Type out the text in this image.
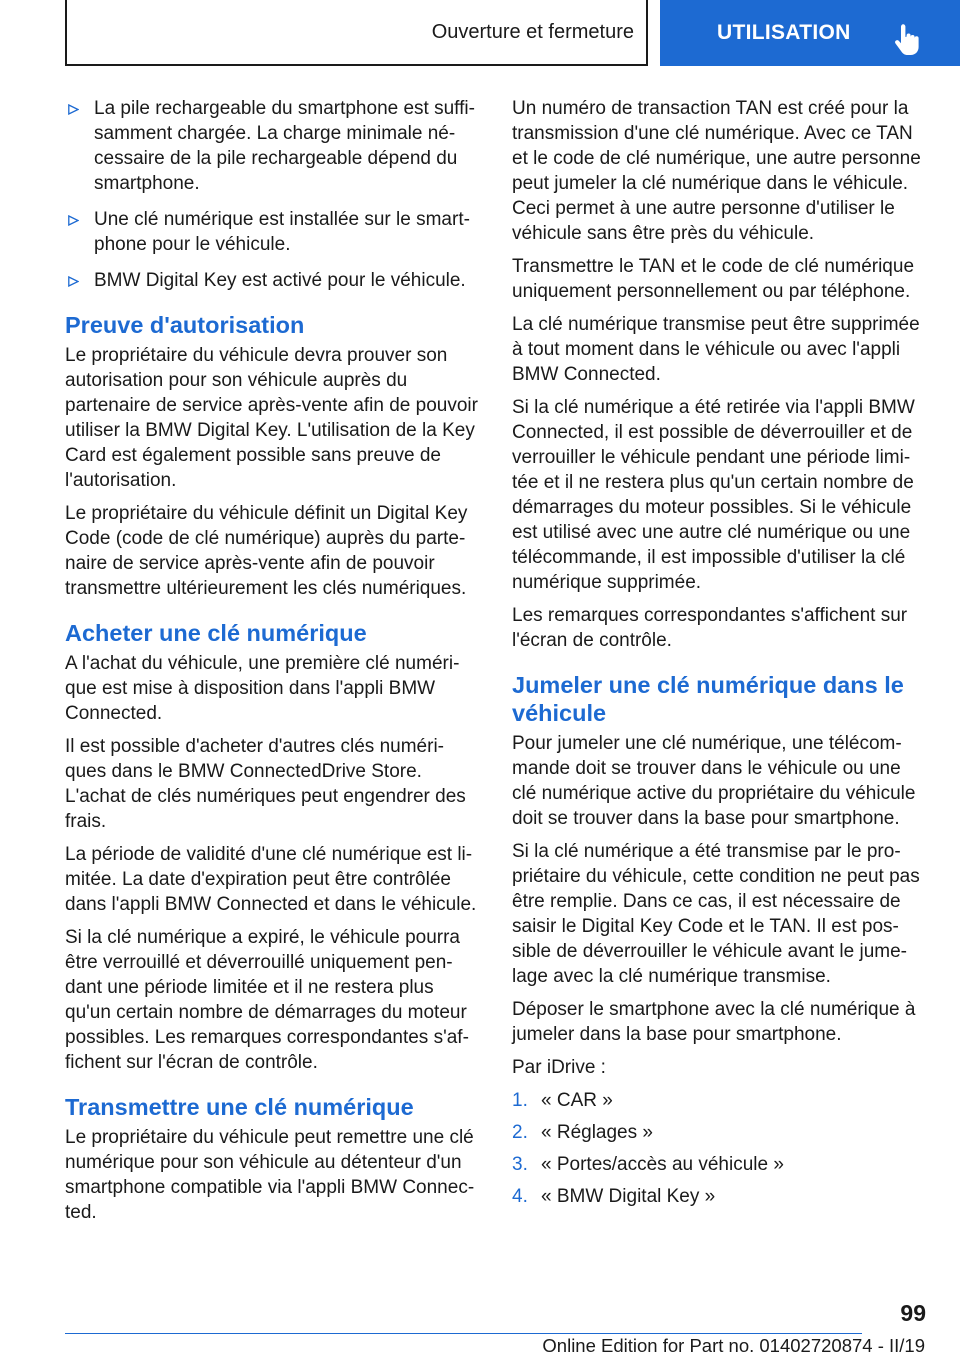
Ouverture et fermeture	UTILISATION
La pile rechargeable du smartphone est suffisamment chargée. La charge minimale nécessaire de la pile rechargeable dépend du smartphone.
Une clé numérique est installée sur le smartphone pour le véhicule.
BMW Digital Key est activé pour le véhicule.
Preuve d'autorisation

Le propriétaire du véhicule devra prouver son autorisation pour son véhicule auprès du partenaire de service après-vente afin de pouvoir utiliser la BMW Digital Key. L'utilisation de la Key Card est également possible sans preuve de l'autorisation.

Le propriétaire du véhicule définit un Digital Key Code (code de clé numérique) auprès du partenaire de service après-vente afin de pouvoir transmettre ultérieurement les clés numériques.

Acheter une clé numérique

A l'achat du véhicule, une première clé numérique est mise à disposition dans l'appli BMW Connected.

Il est possible d'acheter d'autres clés numériques dans le BMW ConnectedDrive Store. L'achat de clés numériques peut engendrer des frais.

La période de validité d'une clé numérique est limitée. La date d'expiration peut être contrôlée dans l'appli BMW Connected et dans le véhicule.

Si la clé numérique a expiré, le véhicule pourra être verrouillé et déverrouillé uniquement pendant une période limitée et il ne restera plus qu'un certain nombre de démarrages du moteur possibles. Les remarques correspondantes s'affichent sur l'écran de contrôle.

Transmettre une clé numérique

Le propriétaire du véhicule peut remettre une clé numérique pour son véhicule au détenteur d'un smartphone compatible via l'appli BMW Connected.

Un numéro de transaction TAN est créé pour la transmission d'une clé numérique. Avec ce TAN et le code de clé numérique, une autre personne peut jumeler la clé numérique dans le véhicule. Ceci permet à une autre personne d'utiliser le véhicule sans être près du véhicule.

Transmettre le TAN et le code de clé numérique uniquement personnellement ou par téléphone.

La clé numérique transmise peut être supprimée à tout moment dans le véhicule ou avec l'appli BMW Connected.

Si la clé numérique a été retirée via l'appli BMW Connected, il est possible de déverrouiller et de verrouiller le véhicule pendant une période limitée et il ne restera plus qu'un certain nombre de démarrages du moteur possibles. Si le véhicule est utilisé avec une autre clé numérique ou une télécommande, il est impossible d'utiliser la clé numérique supprimée.

Les remarques correspondantes s'affichent sur l'écran de contrôle.

Jumeler une clé numérique dans le véhicule

Pour jumeler une clé numérique, une télécommande doit se trouver dans le véhicule ou une clé numérique active du propriétaire du véhicule doit se trouver dans la base pour smartphone.

Si la clé numérique a été transmise par le propriétaire du véhicule, cette condition ne peut pas être remplie. Dans ce cas, il est nécessaire de saisir le Digital Key Code et le TAN. Il est possible de déverrouiller le véhicule avant le jumelage avec la clé numérique transmise.

Déposer le smartphone avec la clé numérique à jumeler dans la base pour smartphone.

Par iDrive :

1. « CAR »
2. « Réglages »
3. « Portes/accès au véhicule »
4. « BMW Digital Key »
99
Online Edition for Part no. 01402720874 - II/19
